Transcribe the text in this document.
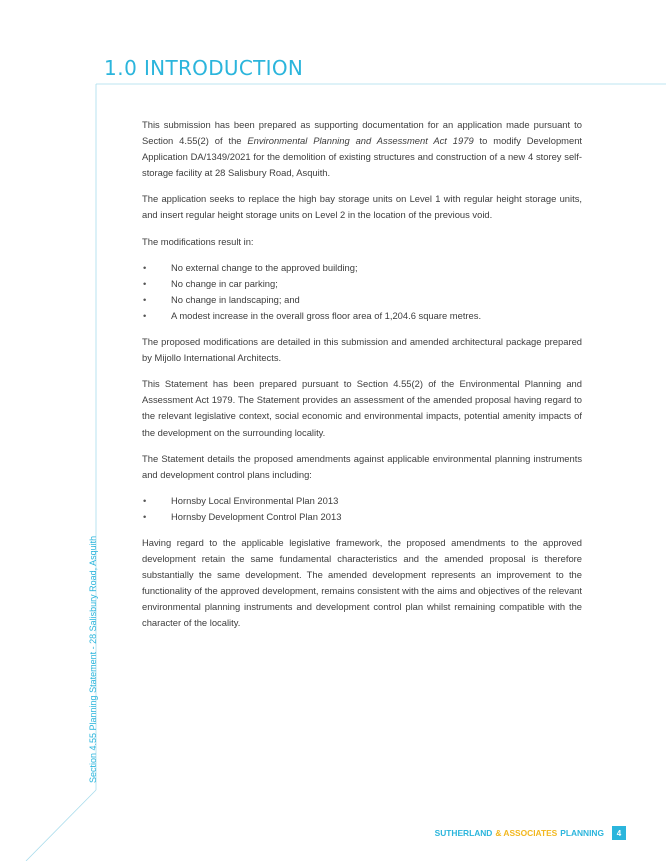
1.0 INTRODUCTION

This submission has been prepared as supporting documentation for an application made pursuant to Section 4.55(2) of the Environmental Planning and Assessment Act 1979 to modify Development Application DA/1349/2021 for the demolition of existing structures and construction of a new 4 storey self-storage facility at 28 Salisbury Road, Asquith.

The application seeks to replace the high bay storage units on Level 1 with regular height storage units, and insert regular height storage units on Level 2 in the location of the previous void.

The modifications result in:

• No external change to the approved building;
• No change in car parking;
• No change in landscaping; and
• A modest increase in the overall gross floor area of 1,204.6 square metres.

The proposed modifications are detailed in this submission and amended architectural package prepared by Mijollo International Architects.

This Statement has been prepared pursuant to Section 4.55(2) of the Environmental Planning and Assessment Act 1979. The Statement provides an assessment of the amended proposal having regard to the relevant legislative context, social economic and environmental impacts, potential amenity impacts of the development on the surrounding locality.

The Statement details the proposed amendments against applicable environmental planning instruments and development control plans including:

• Hornsby Local Environmental Plan 2013
• Hornsby Development Control Plan 2013

Having regard to the applicable legislative framework, the proposed amendments to the approved development retain the same fundamental characteristics and the amended proposal is therefore substantially the same development. The amended development represents an improvement to the functionality of the approved development, remains consistent with the aims and objectives of the relevant environmental planning instruments and development control plan whilst remaining compatible with the character of the locality.

Section 4.55 Planning Statement - 28 Salisbury Road, Asquith
SUTHERLAND & ASSOCIATES PLANNING	4
